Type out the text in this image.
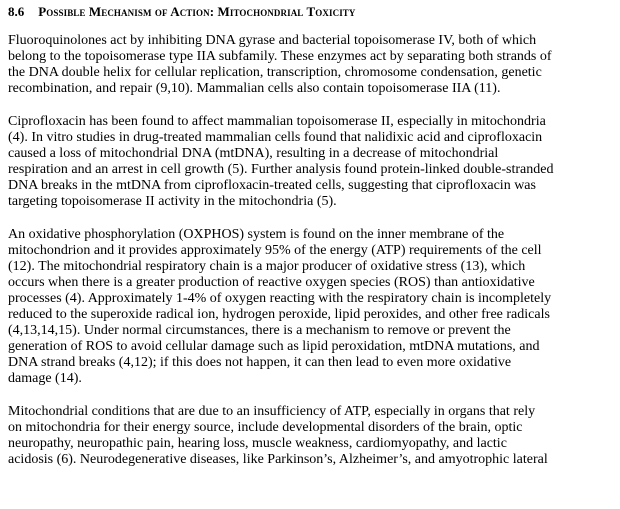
8.6 Possible Mechanism of Action: Mitochondrial Toxicity
Fluoroquinolones act by inhibiting DNA gyrase and bacterial topoisomerase IV, both of which
belong to the topoisomerase type IIA subfamily. These enzymes act by separating both strands of
the DNA double helix for cellular replication, transcription, chromosome condensation, genetic
recombination, and repair (9,10). Mammalian cells also contain topoisomerase IIA (11).
Ciprofloxacin has been found to affect mammalian topoisomerase II, especially in mitochondria
(4). In vitro studies in drug-treated mammalian cells found that nalidixic acid and ciprofloxacin
caused a loss of mitochondrial DNA (mtDNA), resulting in a decrease of mitochondrial
respiration and an arrest in cell growth (5). Further analysis found protein-linked double-stranded
DNA breaks in the mtDNA from ciprofloxacin-treated cells, suggesting that ciprofloxacin was
targeting topoisomerase II activity in the mitochondria (5).
An oxidative phosphorylation (OXPHOS) system is found on the inner membrane of the
mitochondrion and it provides approximately 95% of the energy (ATP) requirements of the cell
(12). The mitochondrial respiratory chain is a major producer of oxidative stress (13), which
occurs when there is a greater production of reactive oxygen species (ROS) than antioxidative
processes (4). Approximately 1-4% of oxygen reacting with the respiratory chain is incompletely
reduced to the superoxide radical ion, hydrogen peroxide, lipid peroxides, and other free radicals
(4,13,14,15). Under normal circumstances, there is a mechanism to remove or prevent the
generation of ROS to avoid cellular damage such as lipid peroxidation, mtDNA mutations, and
DNA strand breaks (4,12); if this does not happen, it can then lead to even more oxidative
damage (14).
Mitochondrial conditions that are due to an insufficiency of ATP, especially in organs that rely
on mitochondria for their energy source, include developmental disorders of the brain, optic
neuropathy, neuropathic pain, hearing loss, muscle weakness, cardiomyopathy, and lactic
acidosis (6). Neurodegenerative diseases, like Parkinson’s, Alzheimer’s, and amyotrophic lateral
